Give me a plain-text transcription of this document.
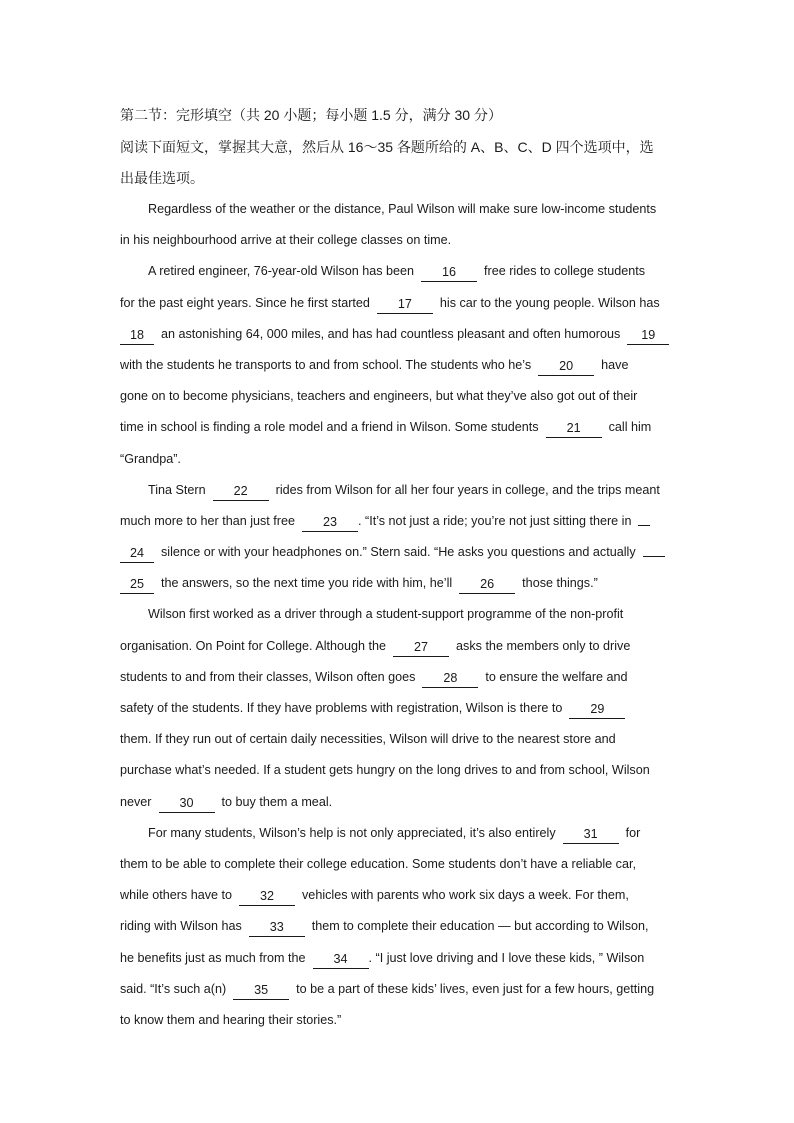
第二节：完形填空（共 20 小题；每小题 1.5 分，满分 30 分）
阅读下面短文，掌握其大意，然后从 16～35 各题所给的 A、B、C、D 四个选项中，选
出最佳选项。
Regardless of the weather or the distance, Paul Wilson will make sure low-income students
in his neighbourhood arrive at their college classes on time.
A retired engineer, 76-year-old Wilson has been  16  free rides to college students
for the past eight years. Since he first started  17  his car to the young people. Wilson has
18  an astonishing 64, 000 miles, and has had countless pleasant and often humorous  19
with the students he transports to and from school. The students who he’s  20  have
gone on to become physicians, teachers and engineers, but what they’ve also got out of their
time in school is finding a role model and a friend in Wilson. Some students  21  call him
“Grandpa”.
Tina Stern  22  rides from Wilson for all her four years in college, and the trips meant
much more to her than just free  23 . “It’s not just a ride; you’re not just sitting there in
24  silence or with your headphones on.” Stern said. “He asks you questions and actually
25  the answers, so the next time you ride with him, he’ll  26  those things.”
Wilson first worked as a driver through a student-support programme of the non-profit
organisation. On Point for College. Although the  27  asks the members only to drive
students to and from their classes, Wilson often goes  28  to ensure the welfare and
safety of the students. If they have problems with registration, Wilson is there to  29
them. If they run out of certain daily necessities, Wilson will drive to the nearest store and
purchase what’s needed. If a student gets hungry on the long drives to and from school, Wilson
never  30  to buy them a meal.
For many students, Wilson’s help is not only appreciated, it’s also entirely  31  for
them to be able to complete their college education. Some students don’t have a reliable car,
while others have to  32  vehicles with parents who work six days a week. For them,
riding with Wilson has  33  them to complete their education — but according to Wilson,
he benefits just as much from the  34 . “I just love driving and I love these kids, ” Wilson
said. “It’s such a(n)  35  to be a part of these kids’ lives, even just for a few hours, getting
to know them and hearing their stories.”
